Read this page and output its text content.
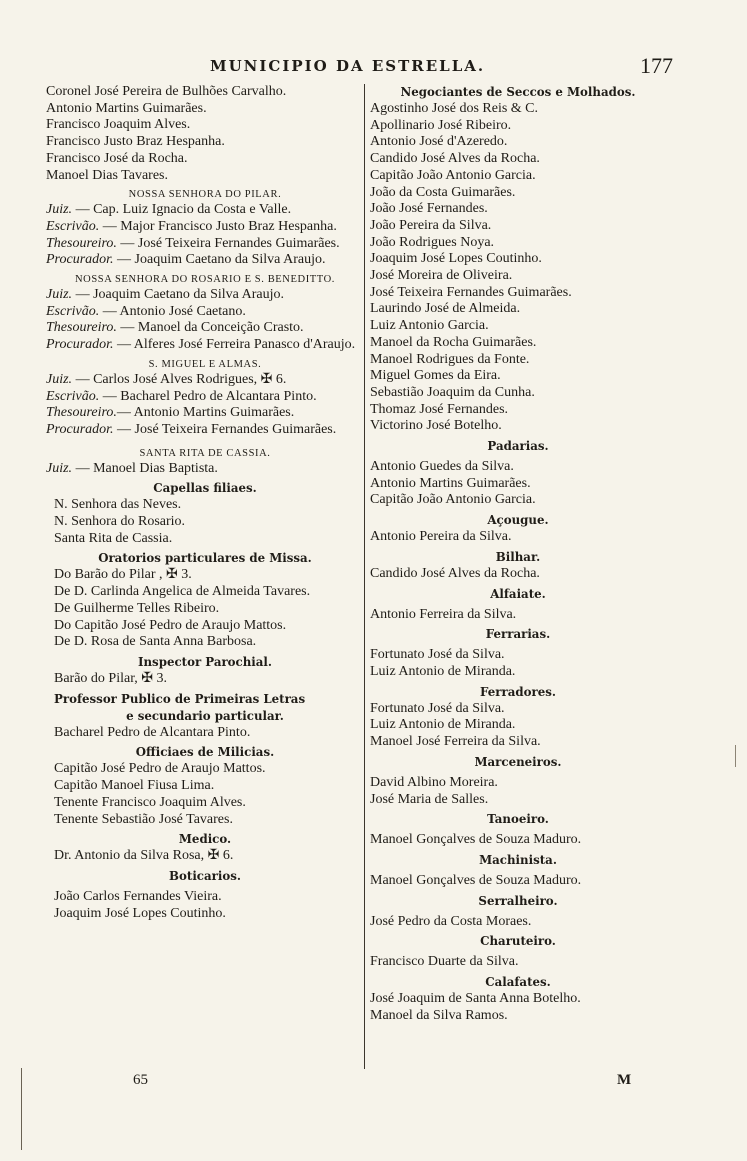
MUNICIPIO DA ESTRELLA.	177
Coronel José Pereira de Bulhões Carvalho.
Antonio Martins Guimarães.
Francisco Joaquim Alves.
Francisco Justo Braz Hespanha.
Francisco José da Rocha.
Manoel Dias Tavares.
NOSSA SENHORA DO PILAR.
Juiz. — Cap. Luiz Ignacio da Costa e Valle.
Escrivão. — Major Francisco Justo Braz Hespanha.
Thesoureiro. — José Teixeira Fernandes Guimarães.
Procurador. — Joaquim Caetano da Silva Araujo.
NOSSA SENHORA DO ROSARIO E S. BENEDITTO.
Juiz. — Joaquim Caetano da Silva Araujo.
Escrivão. — Antonio José Caetano.
Thesoureiro. — Manoel da Conceição Crasto.
Procurador. — Alferes José Ferreira Panasco d'Araujo.
S. MIGUEL E ALMAS.
Juiz. — Carlos José Alves Rodrigues, ✠ 6.
Escrivão. — Bacharel Pedro de Alcantara Pinto.
Thesoureiro.— Antonio Martins Guimarães.
Procurador. — José Teixeira Fernandes Guimarães.
SANTA RITA DE CASSIA.
Juiz. — Manoel Dias Baptista.
Capellas filiaes.
N. Senhora das Neves.
N. Senhora do Rosario.
Santa Rita de Cassia.
Oratorios particulares de Missa.
Do Barão do Pilar , ✠ 3.
De D. Carlinda Angelica de Almeida Tavares.
De Guilherme Telles Ribeiro.
Do Capitão José Pedro de Araujo Mattos.
De D. Rosa de Santa Anna Barbosa.
Inspector Parochial.
Barão do Pilar, ✠ 3.
Professor Publico de Primeiras Letras
e secundario particular.
Bacharel Pedro de Alcantara Pinto.
Officiaes de Milicias.
Capitão José Pedro de Araujo Mattos.
Capitão Manoel Fiusa Lima.
Tenente Francisco Joaquim Alves.
Tenente Sebastião José Tavares.
Medico.
Dr. Antonio da Silva Rosa, ✠ 6.
Boticarios.
João Carlos Fernandes Vieira.
Joaquim José Lopes Coutinho.
Negociantes de Seccos e Molhados.
Agostinho José dos Reis & C.
Apollinario José Ribeiro.
Antonio José d'Azeredo.
Candido José Alves da Rocha.
Capitão João Antonio Garcia.
João da Costa Guimarães.
João José Fernandes.
João Pereira da Silva.
João Rodrigues Noya.
Joaquim José Lopes Coutinho.
José Moreira de Oliveira.
José Teixeira Fernandes Guimarães.
Laurindo José de Almeida.
Luiz Antonio Garcia.
Manoel da Rocha Guimarães.
Manoel Rodrigues da Fonte.
Miguel Gomes da Eira.
Sebastião Joaquim da Cunha.
Thomaz José Fernandes.
Victorino José Botelho.
Padarias.
Antonio Guedes da Silva.
Antonio Martins Guimarães.
Capitão João Antonio Garcia.
Açougue.
Antonio Pereira da Silva.
Bilhar.
Candido José Alves da Rocha.
Alfaiate.
Antonio Ferreira da Silva.
Ferrarias.
Fortunato José da Silva.
Luiz Antonio de Miranda.
Ferradores.
Fortunato José da Silva.
Luiz Antonio de Miranda.
Manoel José Ferreira da Silva.
Marceneiros.
David Albino Moreira.
José Maria de Salles.
Tanoeiro.
Manoel Gonçalves de Souza Maduro.
Machinista.
Manoel Gonçalves de Souza Maduro.
Serralheiro.
José Pedro da Costa Moraes.
Charuteiro.
Francisco Duarte da Silva.
Calafates.
José Joaquim de Santa Anna Botelho.
Manoel da Silva Ramos.
65	M
